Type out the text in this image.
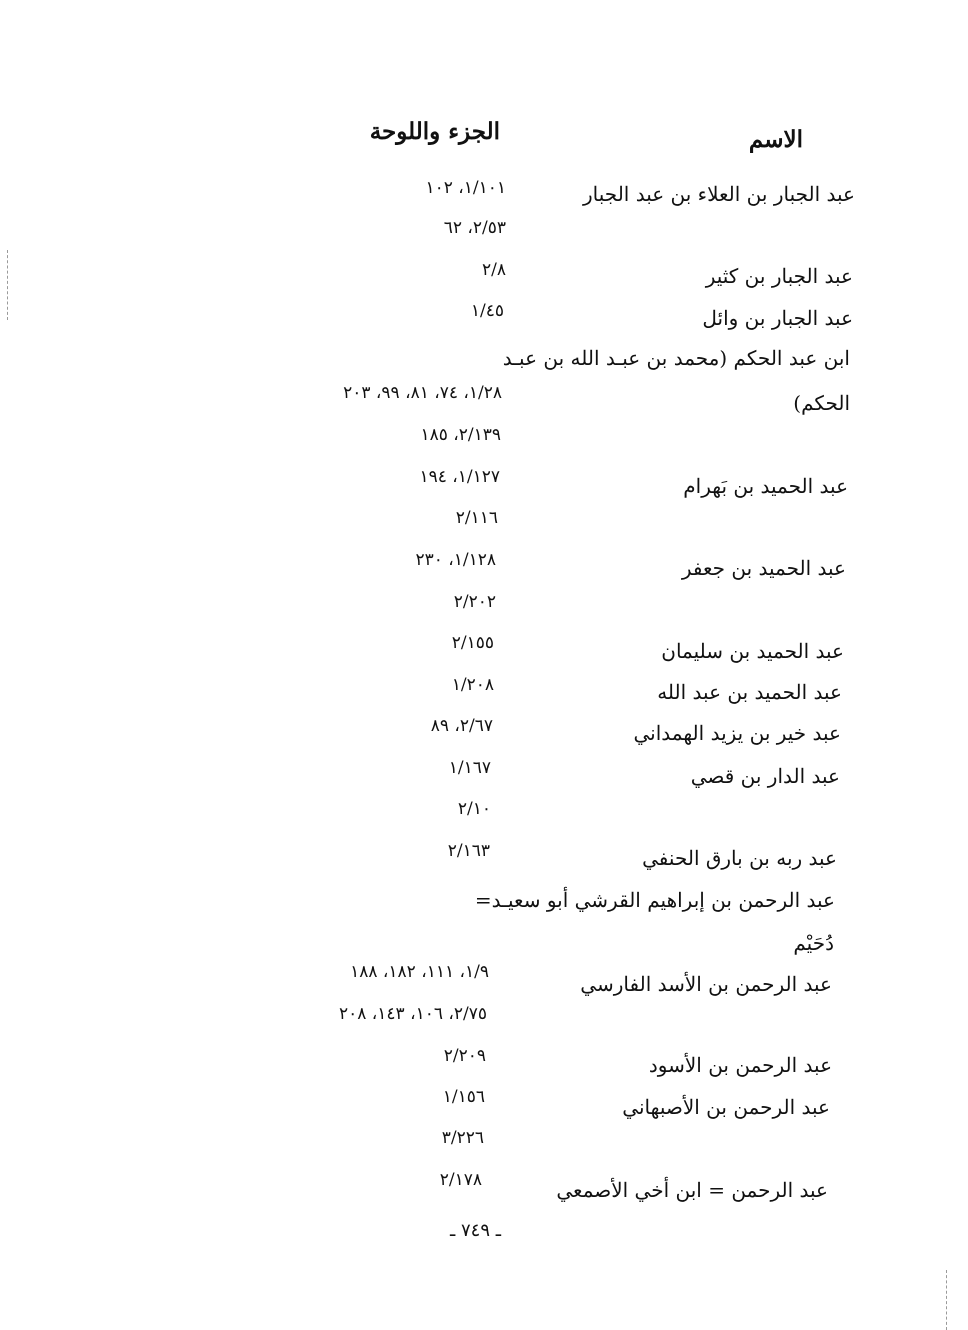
الاسم
الجزء واللوحة
عبد الجبار بن العلاء بن عبد الجبار
عبد الجبار بن كثير
عبد الجبار بن وائل
ابن عبد الحكم (محمد بن عبـد الله بن عبـد
الحكم)
عبد الحميد بن بَهرام
عبد الحميد بن جعفر
عبد الحميد بن سليمان
عبد الحميد بن عبد الله
عبد خير بن يزيد الهمداني
عبد الدار بن قصي
عبد ربه بن بارق الحنفي
عبد الرحمن بن إبراهيم القرشي أبو سعيـد=
دُحَيْم
عبد الرحمن بن الأسد الفارسي
عبد الرحمن بن الأسود
عبد الرحمن بن الأصبهاني
عبد الرحمن = ابن أخي الأصمعي
١/١٠١، ١٠٢
٢/٥٣، ٦٢
٢/٨
١/٤٥
١/٢٨، ٧٤، ٨١، ٩٩، ٢٠٣
٢/١٣٩، ١٨٥
١/١٢٧، ١٩٤
٢/١١٦
١/١٢٨، ٢٣٠
٢/٢٠٢
٢/١٥٥
١/٢٠٨
٢/٦٧، ٨٩
١/١٦٧
٢/١٠
٢/١٦٣
١/٩، ١١١، ١٨٢، ١٨٨
٢/٧٥، ١٠٦، ١٤٣، ٢٠٨
٢/٢٠٩
١/١٥٦
٣/٢٢٦
٢/١٧٨
ـ ٧٤٩ ـ
